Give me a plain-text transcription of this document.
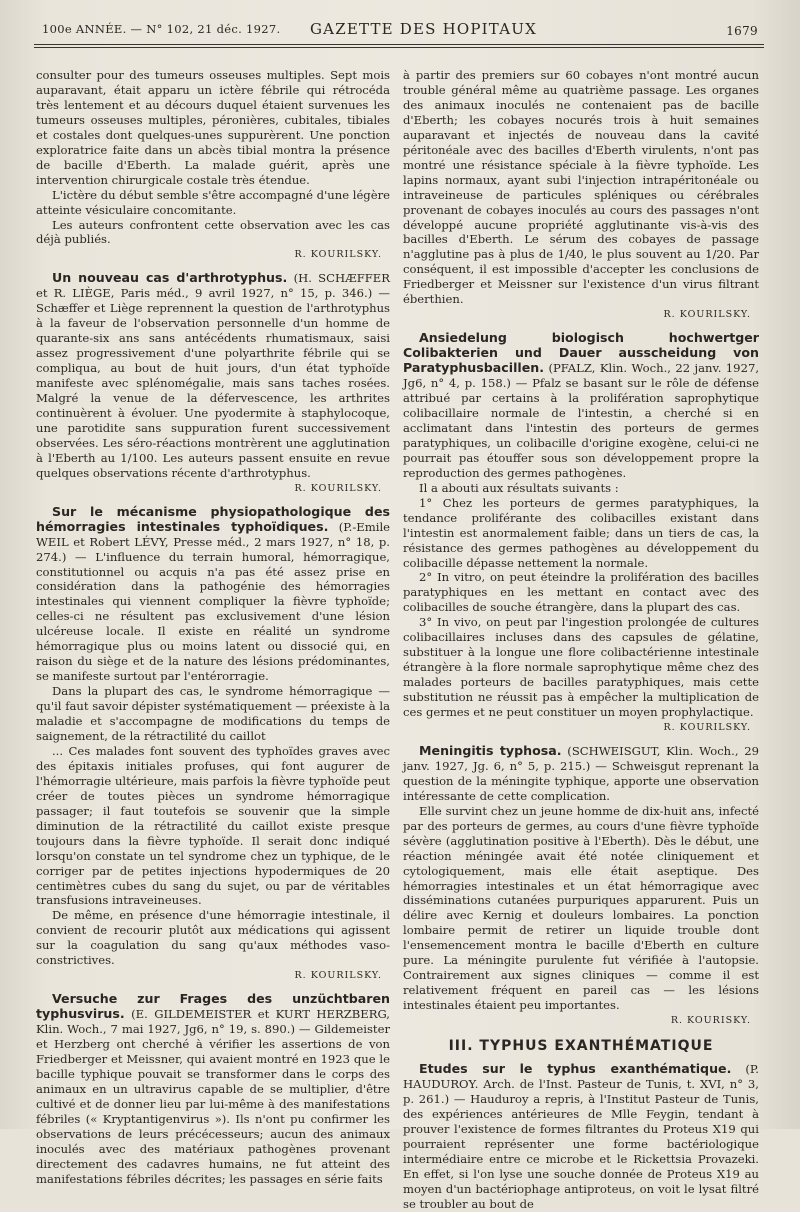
100e ANNÉE. — N° 102, 21 déc. 1927. GAZETTE DES HOPITAUX	1679

consulter pour des tumeurs osseuses multiples. Sept mois auparavant, était apparu un ictère fébrile qui rétrocéda très lentement et au décours duquel étaient survenues les tumeurs osseuses multiples, péronières, cubitales, tibiales et costales dont quelques-unes suppurèrent. Une ponction exploratrice faite dans un abcès tibial montra la présence de bacille d'Eberth. La malade guérit, après une intervention chirurgicale costale très étendue.

L'ictère du début semble s'être accompagné d'une légère atteinte vésiculaire concomitante.

Les auteurs confrontent cette observation avec les cas déjà publiés.

R. KOURILSKY.

Un nouveau cas d'arthrotyphus. (H. SCHÆFFER et R. LIÈGE, Paris méd., 9 avril 1927, n° 15, p. 346.) — Schæffer et Liège reprennent la question de l'arthrotyphus à la faveur de l'observation personnelle d'un homme de quarante-six ans sans antécédents rhumatismaux, saisi assez progressivement d'une polyarthrite fébrile qui se compliqua, au bout de huit jours, d'un état typhoïde manifeste avec splénomégalie, mais sans taches rosées. Malgré la venue de la défervescence, les arthrites continuèrent à évoluer. Une pyodermite à staphylocoque, une parotidite sans suppuration furent successivement observées. Les séro-réactions montrèrent une agglutination à l'Eberth au 1/100. Les auteurs passent ensuite en revue quelques observations récente d'arthrotyphus.

R. KOURILSKY.

Sur le mécanisme physiopathologique des hémorragies intestinales typhoïdiques. (P.-Emile WEIL et Robert LÉVY, Presse méd., 2 mars 1927, n° 18, p. 274.) — L'influence du terrain humoral, hémorragique, constitutionnel ou acquis n'a pas été assez prise en considération dans la pathogénie des hémorragies intestinales qui viennent compliquer la fièvre typhoïde; celles-ci ne résultent pas exclusivement d'une lésion ulcéreuse locale. Il existe en réalité un syndrome hémorragique plus ou moins latent ou dissocié qui, en raison du siège et de la nature des lésions prédominantes, se manifeste surtout par l'entérorragie.

Dans la plupart des cas, le syndrome hémorragique — qu'il faut savoir dépister systématiquement — préexiste à la maladie et s'accompagne de modifications du temps de saignement, de la rétractilité du caillot

... Ces malades font souvent des typhoïdes graves avec des épitaxis initiales profuses, qui font augurer de l'hémorragie ultérieure, mais parfois la fièvre typhoïde peut créer de toutes pièces un syndrome hémorragique passager; il faut toutefois se souvenir que la simple diminution de la rétractilité du caillot existe presque toujours dans la fièvre typhoïde. Il serait donc indiqué lorsqu'on constate un tel syndrome chez un typhique, de le corriger par de petites injections hypodermiques de 20 centimètres cubes du sang du sujet, ou par de véritables transfusions intraveineuses.

De même, en présence d'une hémorragie intestinale, il convient de recourir plutôt aux médications qui agissent sur la coagulation du sang qu'aux méthodes vaso-constrictives.

R. KOURILSKY.

Versuche zur Frages des unzüchtbaren typhusvirus. (E. GILDEMEISTER et KURT HERZBERG, Klin. Woch., 7 mai 1927, Jg6, n° 19, s. 890.) — Gildemeister et Herzberg ont cherché à vérifier les assertions de von Friedberger et Meissner, qui avaient montré en 1923 que le bacille typhique pouvait se transformer dans le corps des animaux en un ultravirus capable de se multiplier, d'être cultivé et de donner lieu par lui-même à des manifestations fébriles (« Kryptantigenvirus »). Ils n'ont pu confirmer les observations de leurs précécesseurs; aucun des animaux inoculés avec des matériaux pathogènes provenant directement des cadavres humains, ne fut atteint des manifestations fébriles décrites; les passages en série faits

à partir des premiers sur 60 cobayes n'ont montré aucun trouble général même au quatrième passage. Les organes des animaux inoculés ne contenaient pas de bacille d'Eberth; les cobayes nocurés trois à huit semaines auparavant et injectés de nouveau dans la cavité péritonéale avec des bacilles d'Eberth virulents, n'ont pas montré une résistance spéciale à la fièvre typhoïde. Les lapins normaux, ayant subi l'injection intrapéritonéale ou intraveineuse de particules spléniques ou cérébrales provenant de cobayes inoculés au cours des passages n'ont développé aucune propriété agglutinante vis-à-vis des bacilles d'Eberth. Le sérum des cobayes de passage n'agglutine pas à plus de 1/40, le plus souvent au 1/20. Par conséquent, il est impossible d'accepter les conclusions de Friedberger et Meissner sur l'existence d'un virus filtrant éberthien.

R. KOURILSKY.

Ansiedelung biologisch hochwertger Colibakterien und Dauer ausscheidung von Paratyphusbacillen. (PFALZ, Klin. Woch., 22 janv. 1927, Jg6, n° 4, p. 158.) — Pfalz se basant sur le rôle de défense attribué par certains à la prolifération saprophytique colibacillaire normale de l'intestin, a cherché si en acclimatant dans l'intestin des porteurs de germes paratyphiques, un colibacille d'origine exogène, celui-ci ne pourrait pas étouffer sous son développement propre la reproduction des germes pathogènes.

Il a abouti aux résultats suivants :

1° Chez les porteurs de germes paratyphiques, la tendance proliférante des colibacilles existant dans l'intestin est anormalement faible; dans un tiers de cas, la résistance des germes pathogènes au développement du colibacille dépasse nettement la normale.

2° In vitro, on peut éteindre la prolifération des bacilles paratyphiques en les mettant en contact avec des colibacilles de souche étrangère, dans la plupart des cas.

3° In vivo, on peut par l'ingestion prolongée de cultures colibacillaires incluses dans des capsules de gélatine, substituer à la longue une flore colibactérienne intestinale étrangère à la flore normale saprophytique même chez des malades porteurs de bacilles paratyphiques, mais cette substitution ne réussit pas à empêcher la multiplication de ces germes et ne peut constituer un moyen prophylactique.

R. KOURILSKY.

Meningitis typhosa. (SCHWEISGUT, Klin. Woch., 29 janv. 1927, Jg. 6, n° 5, p. 215.) — Schweisgut reprenant la question de la méningite typhique, apporte une observation intéressante de cette complication.

Elle survint chez un jeune homme de dix-huit ans, infecté par des porteurs de germes, au cours d'une fièvre typhoïde sévère (agglutination positive à l'Eberth). Dès le début, une réaction méningée avait été notée cliniquement et cytologiquement, mais elle était aseptique. Des hémorragies intestinales et un état hémorragique avec disséminations cutanées purpuriques apparurent. Puis un délire avec Kernig et douleurs lombaires. La ponction lombaire permit de retirer un liquide trouble dont l'ensemencement montra le bacille d'Eberth en culture pure. La méningite purulente fut vérifiée à l'autopsie. Contrairement aux signes cliniques — comme il est relativement fréquent en pareil cas — les lésions intestinales étaient peu importantes.

R. KOURISKY.
III. TYPHUS EXANTHÉMATIQUE

Etudes sur le typhus exanthématique. (P. HAUDUROY. Arch. de l'Inst. Pasteur de Tunis, t. XVI, n° 3, p. 261.) — Hauduroy a repris, à l'Institut Pasteur de Tunis, des expériences antérieures de Mlle Feygin, tendant à prouver l'existence de formes filtrantes du Proteus X19 qui pourraient représenter une forme bactériologique intermédiaire entre ce microbe et le Rickettsia Provazeki. En effet, si l'on lyse une souche donnée de Proteus X19 au moyen d'un bactériophage antiproteus, on voit le lysat filtré se troubler au bout de
